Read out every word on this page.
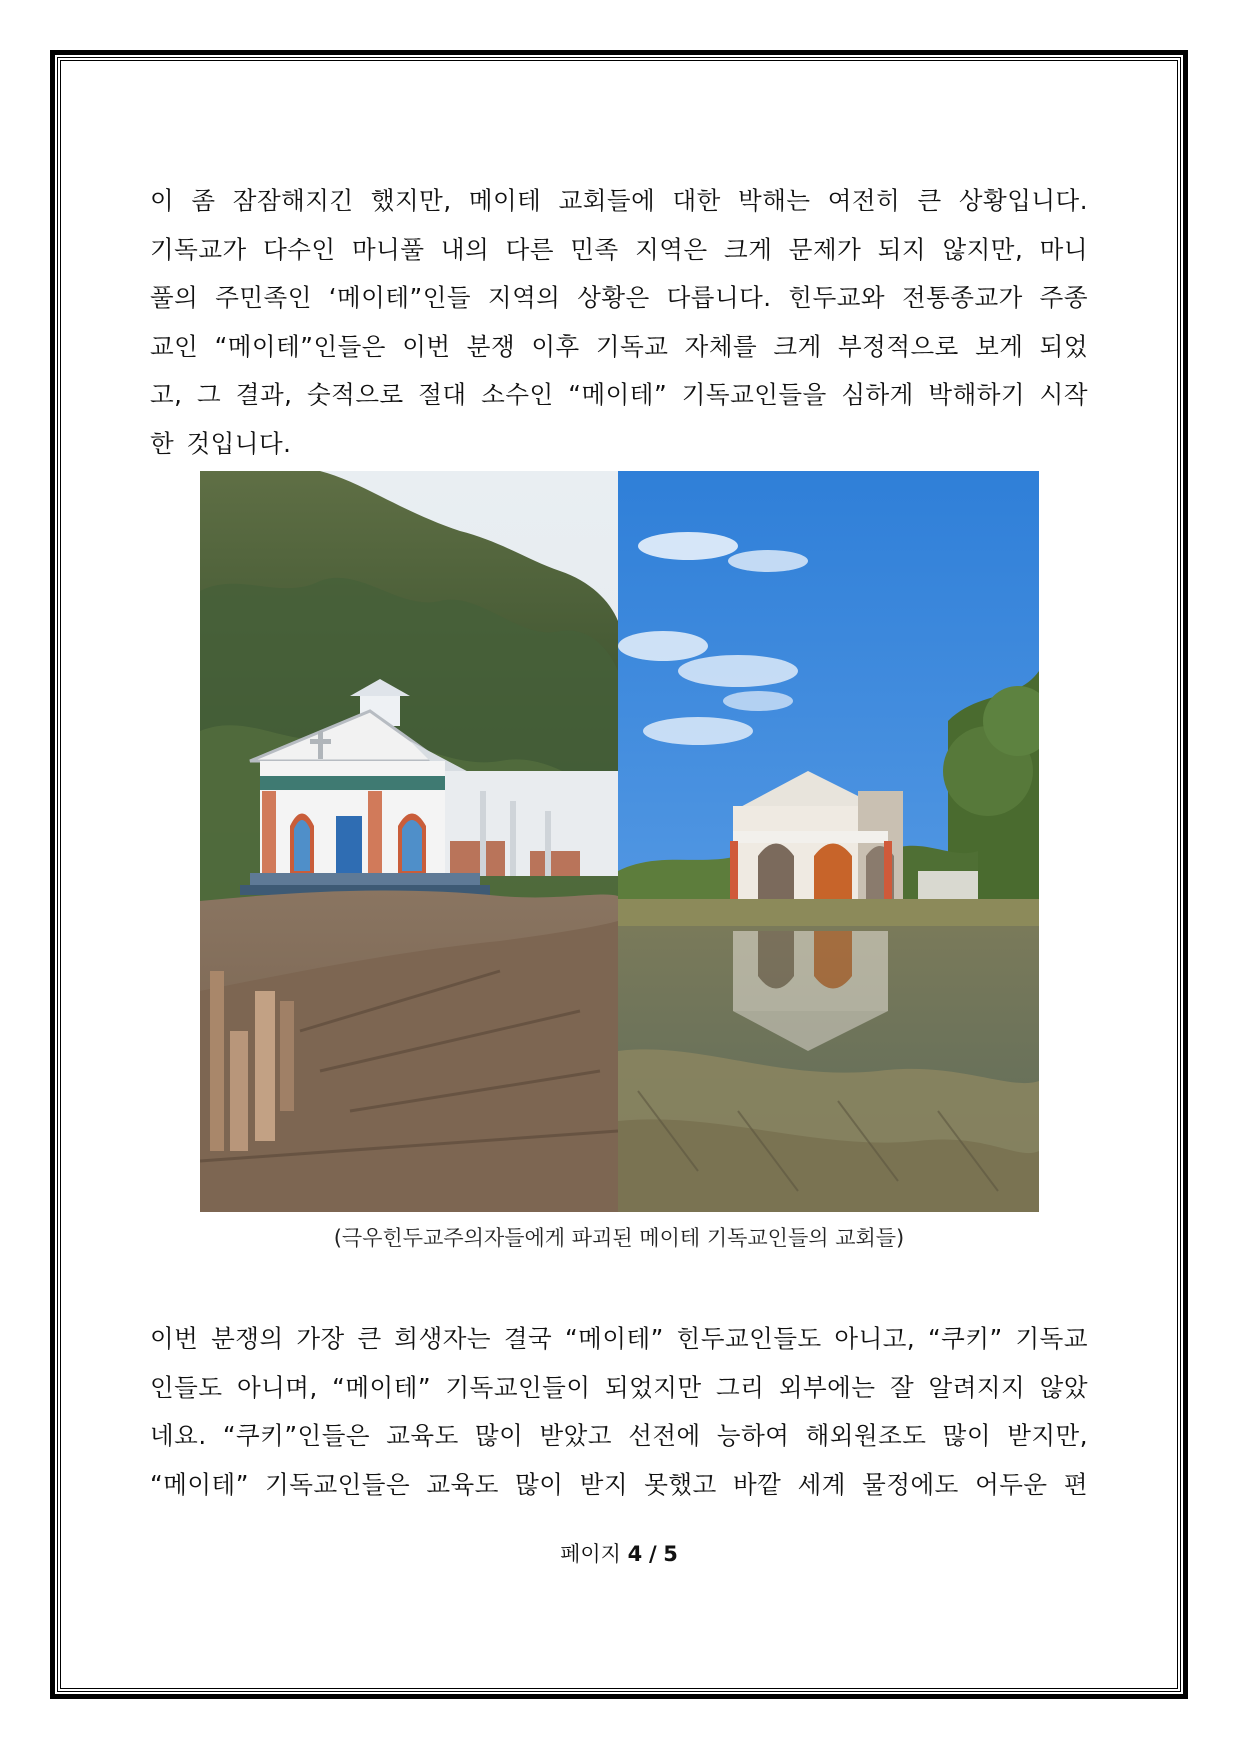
이 좀 잠잠해지긴 했지만, 메이테 교회들에 대한 박해는 여전히 큰 상황입니다.
기독교가 다수인 마니풀 내의 다른 민족 지역은 크게 문제가 되지 않지만, 마니
풀의 주민족인 ‘메이테”인들 지역의 상황은 다릅니다. 힌두교와 전통종교가 주종
교인 “메이테”인들은 이번 분쟁 이후 기독교 자체를 크게 부정적으로 보게 되었
고, 그 결과, 숫적으로 절대 소수인 “메이테” 기독교인들을 심하게 박해하기 시작
한 것입니다.
(극우힌두교주의자들에게 파괴된 메이테 기독교인들의 교회들)
이번 분쟁의 가장 큰 희생자는 결국 “메이테” 힌두교인들도 아니고, “쿠키” 기독교
인들도 아니며, “메이테” 기독교인들이 되었지만 그리 외부에는 잘 알려지지 않았
네요. “쿠키”인들은 교육도 많이 받았고 선전에 능하여 해외원조도 많이 받지만,
“메이테” 기독교인들은 교육도 많이 받지 못했고 바깥 세계 물정에도 어두운 편
페이지 4 / 5
